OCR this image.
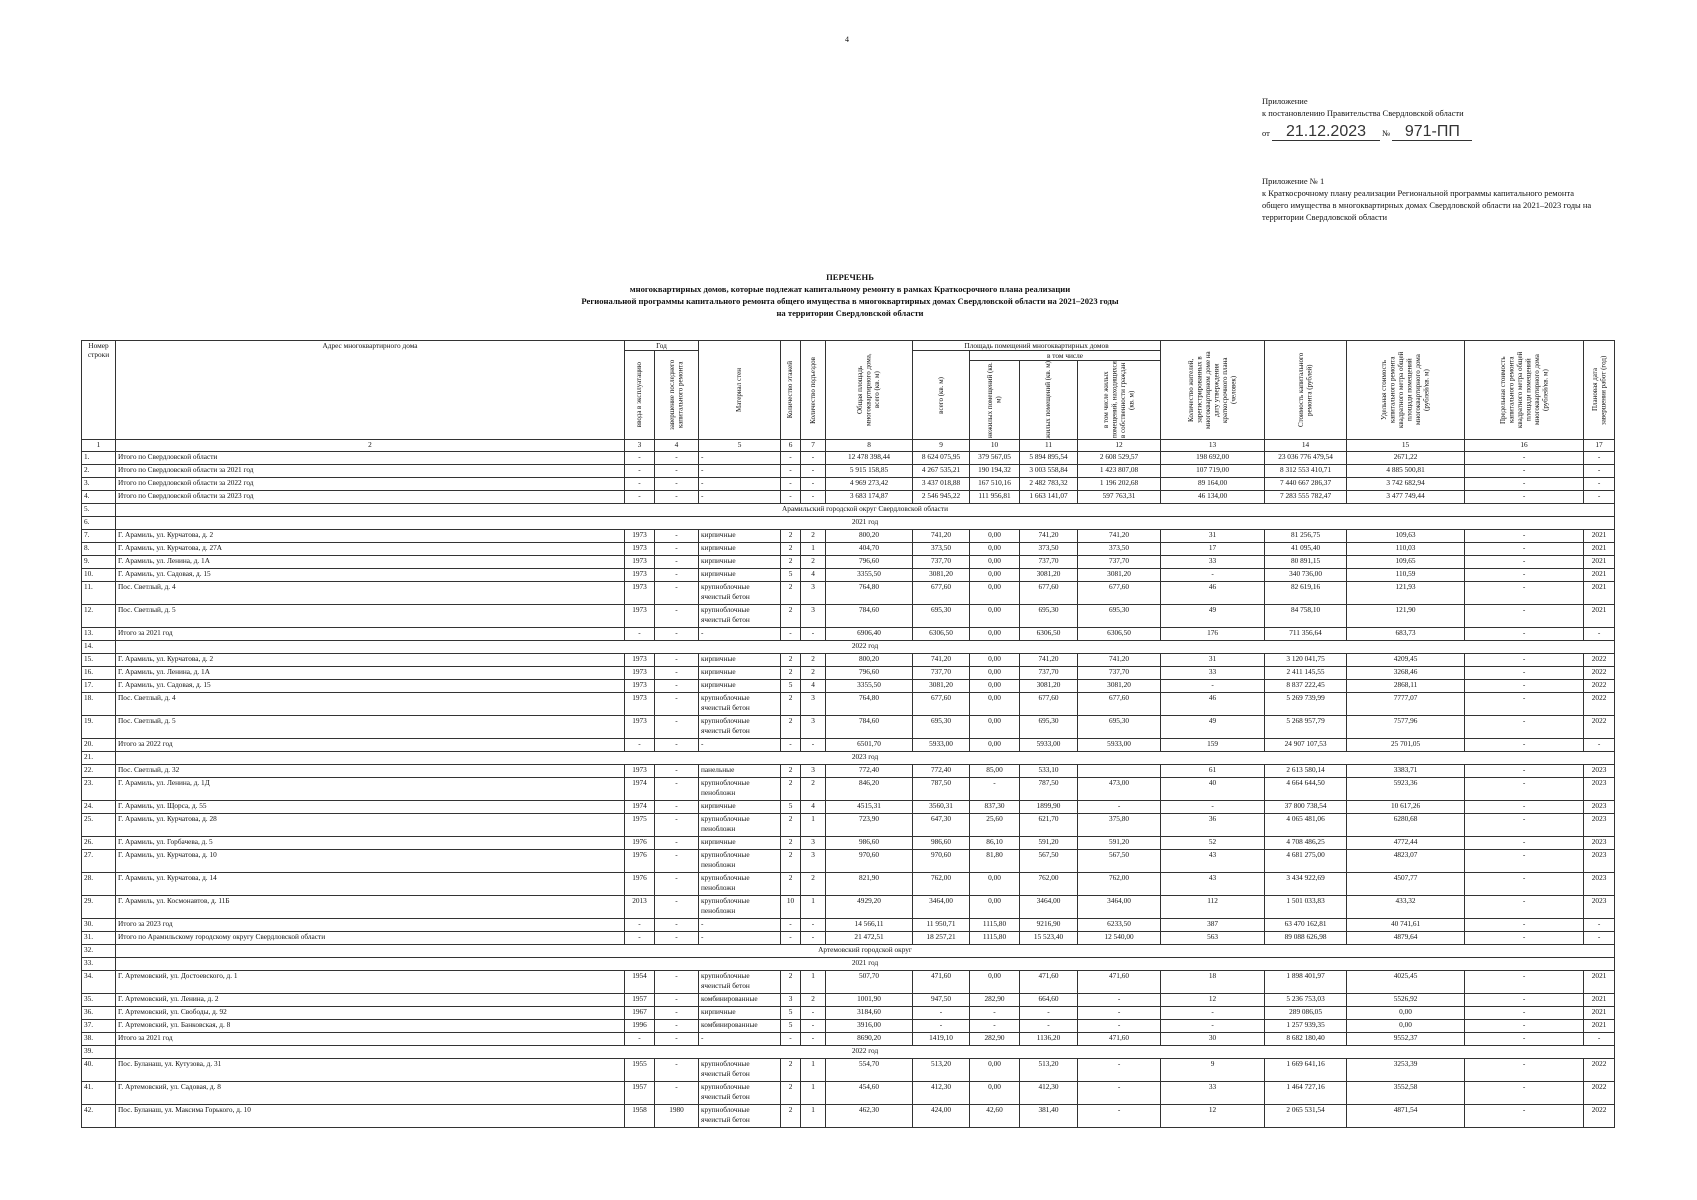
4
Приложение
к постановлению Правительства Свердловской области
от 21.12.2023 № 971-ПП
Приложение № 1
к Краткосрочному плану реализации Региональной программы капитального ремонта общего имущества в многоквартирных домах Свердловской области на 2021–2023 годы на территории Свердловской области
ПЕРЕЧЕНЬ
многоквартирных домов, которые подлежат капитальному ремонту в рамках Краткосрочного плана реализации
Региональной программы капитального ремонта общего имущества в многоквартирных домах Свердловской области на 2021–2023 годы
на территории Свердловской области
Номер строки	Адрес многоквартирного дома	Год		Материал стен	Количество этажей	Количество подъездов	Общая площадь многоквартирного дома, всего (кв. м)	Площадь помещений многоквартирных домов				Количество жителей, зарегистрированных в многоквартирном доме на дату утверждения краткосрочного плана (человек)	Стоимость капитального ремонта (рублей)	Удельная стоимость капитального ремонта квадратного метра общей площади помещений многоквартирного дома (рублей/кв. м)	Предельная стоимость капитального ремонта квадратного метра общей площади помещений многоквартирного дома (рублей/кв. м)	Плановая дата завершения работ (год)

		ввода в эксплуатацию	завершение последнего капитального ремонта					всего (кв. м)	в том числе							

									нежилых помещений (кв. м)	жилых помещений (кв. м)	в том числе жилых помещений, находящихся в собственности граждан (кв. м)					

1	2	3	4	5	6	7	8	9	10	11	12	13	14	15	16	17
1.	Итого по Свердловской области	-	-	-	-	-	12 478 398,44	8 624 075,95	379 567,05	5 894 895,54	2 608 529,57	198 692,00	23 036 776 479,54	2671,22	-	-
2.	Итого по Свердловской области за 2021 год	-	-	-	-	-	5 915 158,85	4 267 535,21	190 194,32	3 003 558,84	1 423 807,08	107 719,00	8 312 553 410,71	4 885 500,81	-	-
3.	Итого по Свердловской области за 2022 год	-	-	-	-	-	4 969 273,42	3 437 018,88	167 510,16	2 482 783,32	1 196 202,68	89 164,00	7 440 667 286,37	3 742 682,94	-	-
4.	Итого по Свердловской области за 2023 год	-	-	-	-	-	3 683 174,87	2 546 945,22	111 956,81	1 663 141,07	597 763,31	46 134,00	7 283 555 782,47	3 477 749,44	-	-
5.	Арамильский городской округ Свердловской области															
6.	2021 год															
7.	Г. Арамиль, ул. Курчатова, д. 2	1973	-	кирпичные	2	2	800,20	741,20	0,00	741,20	741,20	31	81 256,75	109,63	-	2021
8.	Г. Арамиль, ул. Курчатова, д. 27А	1973	-	кирпичные	2	1	404,70	373,50	0,00	373,50	373,50	17	41 095,40	110,03	-	2021
9.	Г. Арамиль, ул. Ленина, д. 1А	1973	-	кирпичные	2	2	796,60	737,70	0,00	737,70	737,70	33	80 891,15	109,65	-	2021
10.	Г. Арамиль, ул. Садовая, д. 15	1973	-	кирпичные	5	4	3355,50	3081,20	0,00	3081,20	3081,20	-	340 736,00	110,59	-	2021
11.	Пос. Светлый, д. 4	1973	-	крупноблочные ячеистый бетон	2	3	764,80	677,60	0,00	677,60	677,60	46	82 619,16	121,93	-	2021
12.	Пос. Светлый, д. 5	1973	-	крупноблочные ячеистый бетон	2	3	784,60	695,30	0,00	695,30	695,30	49	84 758,10	121,90	-	2021
13.	Итого за 2021 год	-	-	-	-	-	6906,40	6306,50	0,00	6306,50	6306,50	176	711 356,64	683,73	-	-
14.	2022 год															
15.	Г. Арамиль, ул. Курчатова, д. 2	1973	-	кирпичные	2	2	800,20	741,20	0,00	741,20	741,20	31	3 120 041,75	4209,45	-	2022
16.	Г. Арамиль, ул. Ленина, д. 1А	1973	-	кирпичные	2	2	796,60	737,70	0,00	737,70	737,70	33	2 411 145,55	3268,46	-	2022
17.	Г. Арамиль, ул. Садовая, д. 15	1973	-	кирпичные	5	4	3355,50	3081,20	0,00	3081,20	3081,20	-	8 837 222,45	2868,11	-	2022
18.	Пос. Светлый, д. 4	1973	-	крупноблочные ячеистый бетон	2	3	764,80	677,60	0,00	677,60	677,60	46	5 269 739,99	7777,07	-	2022
19.	Пос. Светлый, д. 5	1973	-	крупноблочные ячеистый бетон	2	3	784,60	695,30	0,00	695,30	695,30	49	5 268 957,79	7577,96	-	2022
20.	Итого за 2022 год	-	-	-	-	-	6501,70	5933,00	0,00	5933,00	5933,00	159	24 907 107,53	25 701,05	-	-
21.	2023 год															
22.	Пос. Светлый, д. 32	1973	-	панельные	2	3	772,40	772,40	85,00	533,10		61	2 613 580,14	3383,71	-	2023
23.	Г. Арамиль, ул. Ленина, д. 1Д	1974	-	крупноблочные пенобложн	2	2	846,20	787,50	-	787,50	473,00	40	4 664 644,50	5923,36	-	2023
24.	Г. Арамиль, ул. Щорса, д. 55	1974	-	кирпичные	5	4	4515,31	3560,31	837,30	1899,90	-	-	37 800 738,54	10 617,26	-	2023
25.	Г. Арамиль, ул. Курчатова, д. 28	1975	-	крупноблочные пенобложн	2	1	723,90	647,30	25,60	621,70	375,80	36	4 065 481,06	6280,68	-	2023
26.	Г. Арамиль, ул. Горбачева, д. 5	1976	-	кирпичные	2	3	986,60	986,60	86,10	591,20	591,20	52	4 708 486,25	4772,44	-	2023
27.	Г. Арамиль, ул. Курчатова, д. 10	1976	-	крупноблочные пенобложн	2	3	970,60	970,60	81,80	567,50	567,50	43	4 681 275,00	4823,07	-	2023
28.	Г. Арамиль, ул. Курчатова, д. 14	1976	-	крупноблочные пенобложн	2	2	821,90	762,00	0,00	762,00	762,00	43	3 434 922,69	4507,77	-	2023
29.	Г. Арамиль, ул. Космонавтов, д. 11Б	2013	-	крупноблочные пенобложн	10	1	4929,20	3464,00	0,00	3464,00	3464,00	112	1 501 033,83	433,32	-	2023
30.	Итого за 2023 год	-	-	-	-	-	14 566,11	11 950,71	1115,80	9216,90	6233,50	387	63 470 162,81	40 741,61	-	-
31.	Итого по Арамильскому городскому округу Свердловской области	-	-	-	-	-	21 472,51	18 257,21	1115,80	15 523,40	12 540,00	563	89 088 626,98	4879,64	-	-
32.	Артемовский городской округ															
33.	2021 год															
34.	Г. Артемовский, ул. Достоевского, д. 1	1954	-	крупноблочные ячеистый бетон	2	1	507,70	471,60	0,00	471,60	471,60	18	1 898 401,97	4025,45	-	2021
35.	Г. Артемовский, ул. Ленина, д. 2	1957	-	комбинированные	3	2	1001,90	947,50	282,90	664,60	-	12	5 236 753,03	5526,92	-	2021
36.	Г. Артемовский, ул. Свободы, д. 92	1967	-	кирпичные	5	-	3184,60	-	-	-	-	-	289 086,05	0,00	-	2021
37.	Г. Артемовский, ул. Банковская, д. 8	1996	-	комбинированные	5	-	3916,00	-	-	-	-	-	1 257 939,35	0,00	-	2021
38.	Итого за 2021 год	-	-	-	-	-	8690,20	1419,10	282,90	1136,20	471,60	30	8 682 180,40	9552,37	-	-
39.	2022 год															
40.	Пос. Буланаш, ул. Кутузова, д. 31	1955	-	крупноблочные ячеистый бетон	2	1	554,70	513,20	0,00	513,20	-	9	1 669 641,16	3253,39	-	2022
41.	Г. Артемовский, ул. Садовая, д. 8	1957	-	крупноблочные ячеистый бетон	2	1	454,60	412,30	0,00	412,30	-	33	1 464 727,16	3552,58	-	2022
42.	Пос. Буланаш, ул. Максима Горького, д. 10	1958	1980	крупноблочные ячеистый бетон	2	1	462,30	424,00	42,60	381,40	-	12	2 065 531,54	4871,54	-	2022
